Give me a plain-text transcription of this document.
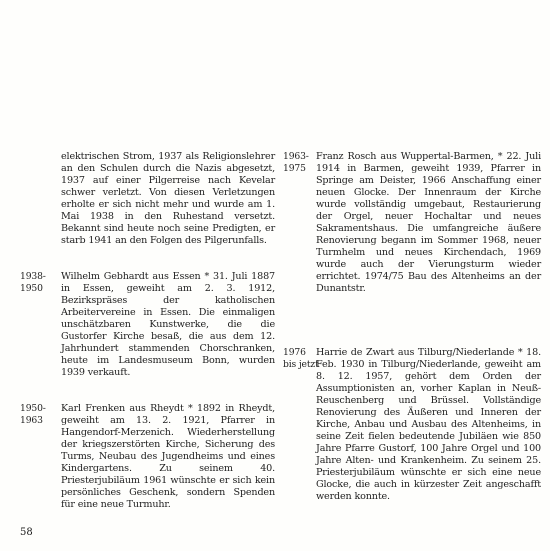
elektrischen Strom, 1937 als Religionslehrer an den Schulen durch die Nazis abgesetzt, 1937 auf einer Pilgerreise nach Kevelar schwer verletzt. Von diesen Verletzungen erholte er sich nicht mehr und wurde am 1. Mai 1938 in den Ruhestand versetzt. Bekannt sind heute noch seine Predigten, er starb 1941 an den Folgen des Pilgerunfalls.
1938-
1950
Wilhelm Gebhardt aus Essen * 31. Juli 1887 in Essen, geweiht am 2. 3. 1912, Bezirkspräses der katholischen Arbeitervereine in Essen. Die einmaligen unschätzbaren Kunstwerke, die die Gustorfer Kirche besaß, die aus dem 12. Jahrhundert stammenden Chorschranken, heute im Landesmuseum Bonn, wurden 1939 verkauft.
1950-
1963
Karl Frenken aus Rheydt * 1892 in Rheydt, geweiht am 13. 2. 1921, Pfarrer in Hangendorf-Merzenich. Wiederherstellung der kriegszerstörten Kirche, Sicherung des Turms, Neubau des Jugendheims und eines Kindergartens. Zu seinem 40. Priesterjubiläum 1961 wünschte er sich kein persönliches Geschenk, sondern Spenden für eine neue Turmuhr.
1963-
1975
Franz Rosch aus Wuppertal-Barmen, * 22. Juli 1914 in Barmen, geweiht 1939, Pfarrer in Springe am Deister, 1966 Anschaffung einer neuen Glocke. Der Innenraum der Kirche wurde vollständig umgebaut, Restaurierung der Orgel, neuer Hochaltar und neues Sakramentshaus. Die umfangreiche äußere Renovierung begann im Sommer 1968, neuer Turmhelm und neues Kirchendach, 1969 wurde auch der Vierungsturm wieder errichtet. 1974/75 Bau des Altenheims an der Dunantstr.
1976
bis jetzt
Harrie de Zwart aus Tilburg/Niederlande * 18. Feb. 1930 in Tilburg/Niederlande, geweiht am 8. 12. 1957, gehört dem Orden der Assumptionisten an, vorher Kaplan in Neuß-Reuschenberg und Brüssel. Vollständige Renovierung des Äußeren und Inneren der Kirche, Anbau und Ausbau des Altenheims, in seine Zeit fielen bedeutende Jubiläen wie 850 Jahre Pfarre Gustorf, 100 Jahre Orgel und 100 Jahre Alten- und Krankenheim. Zu seinem 25. Priesterjubiläum wünschte er sich eine neue Glocke, die auch in kürzester Zeit angeschafft werden konnte.
58
